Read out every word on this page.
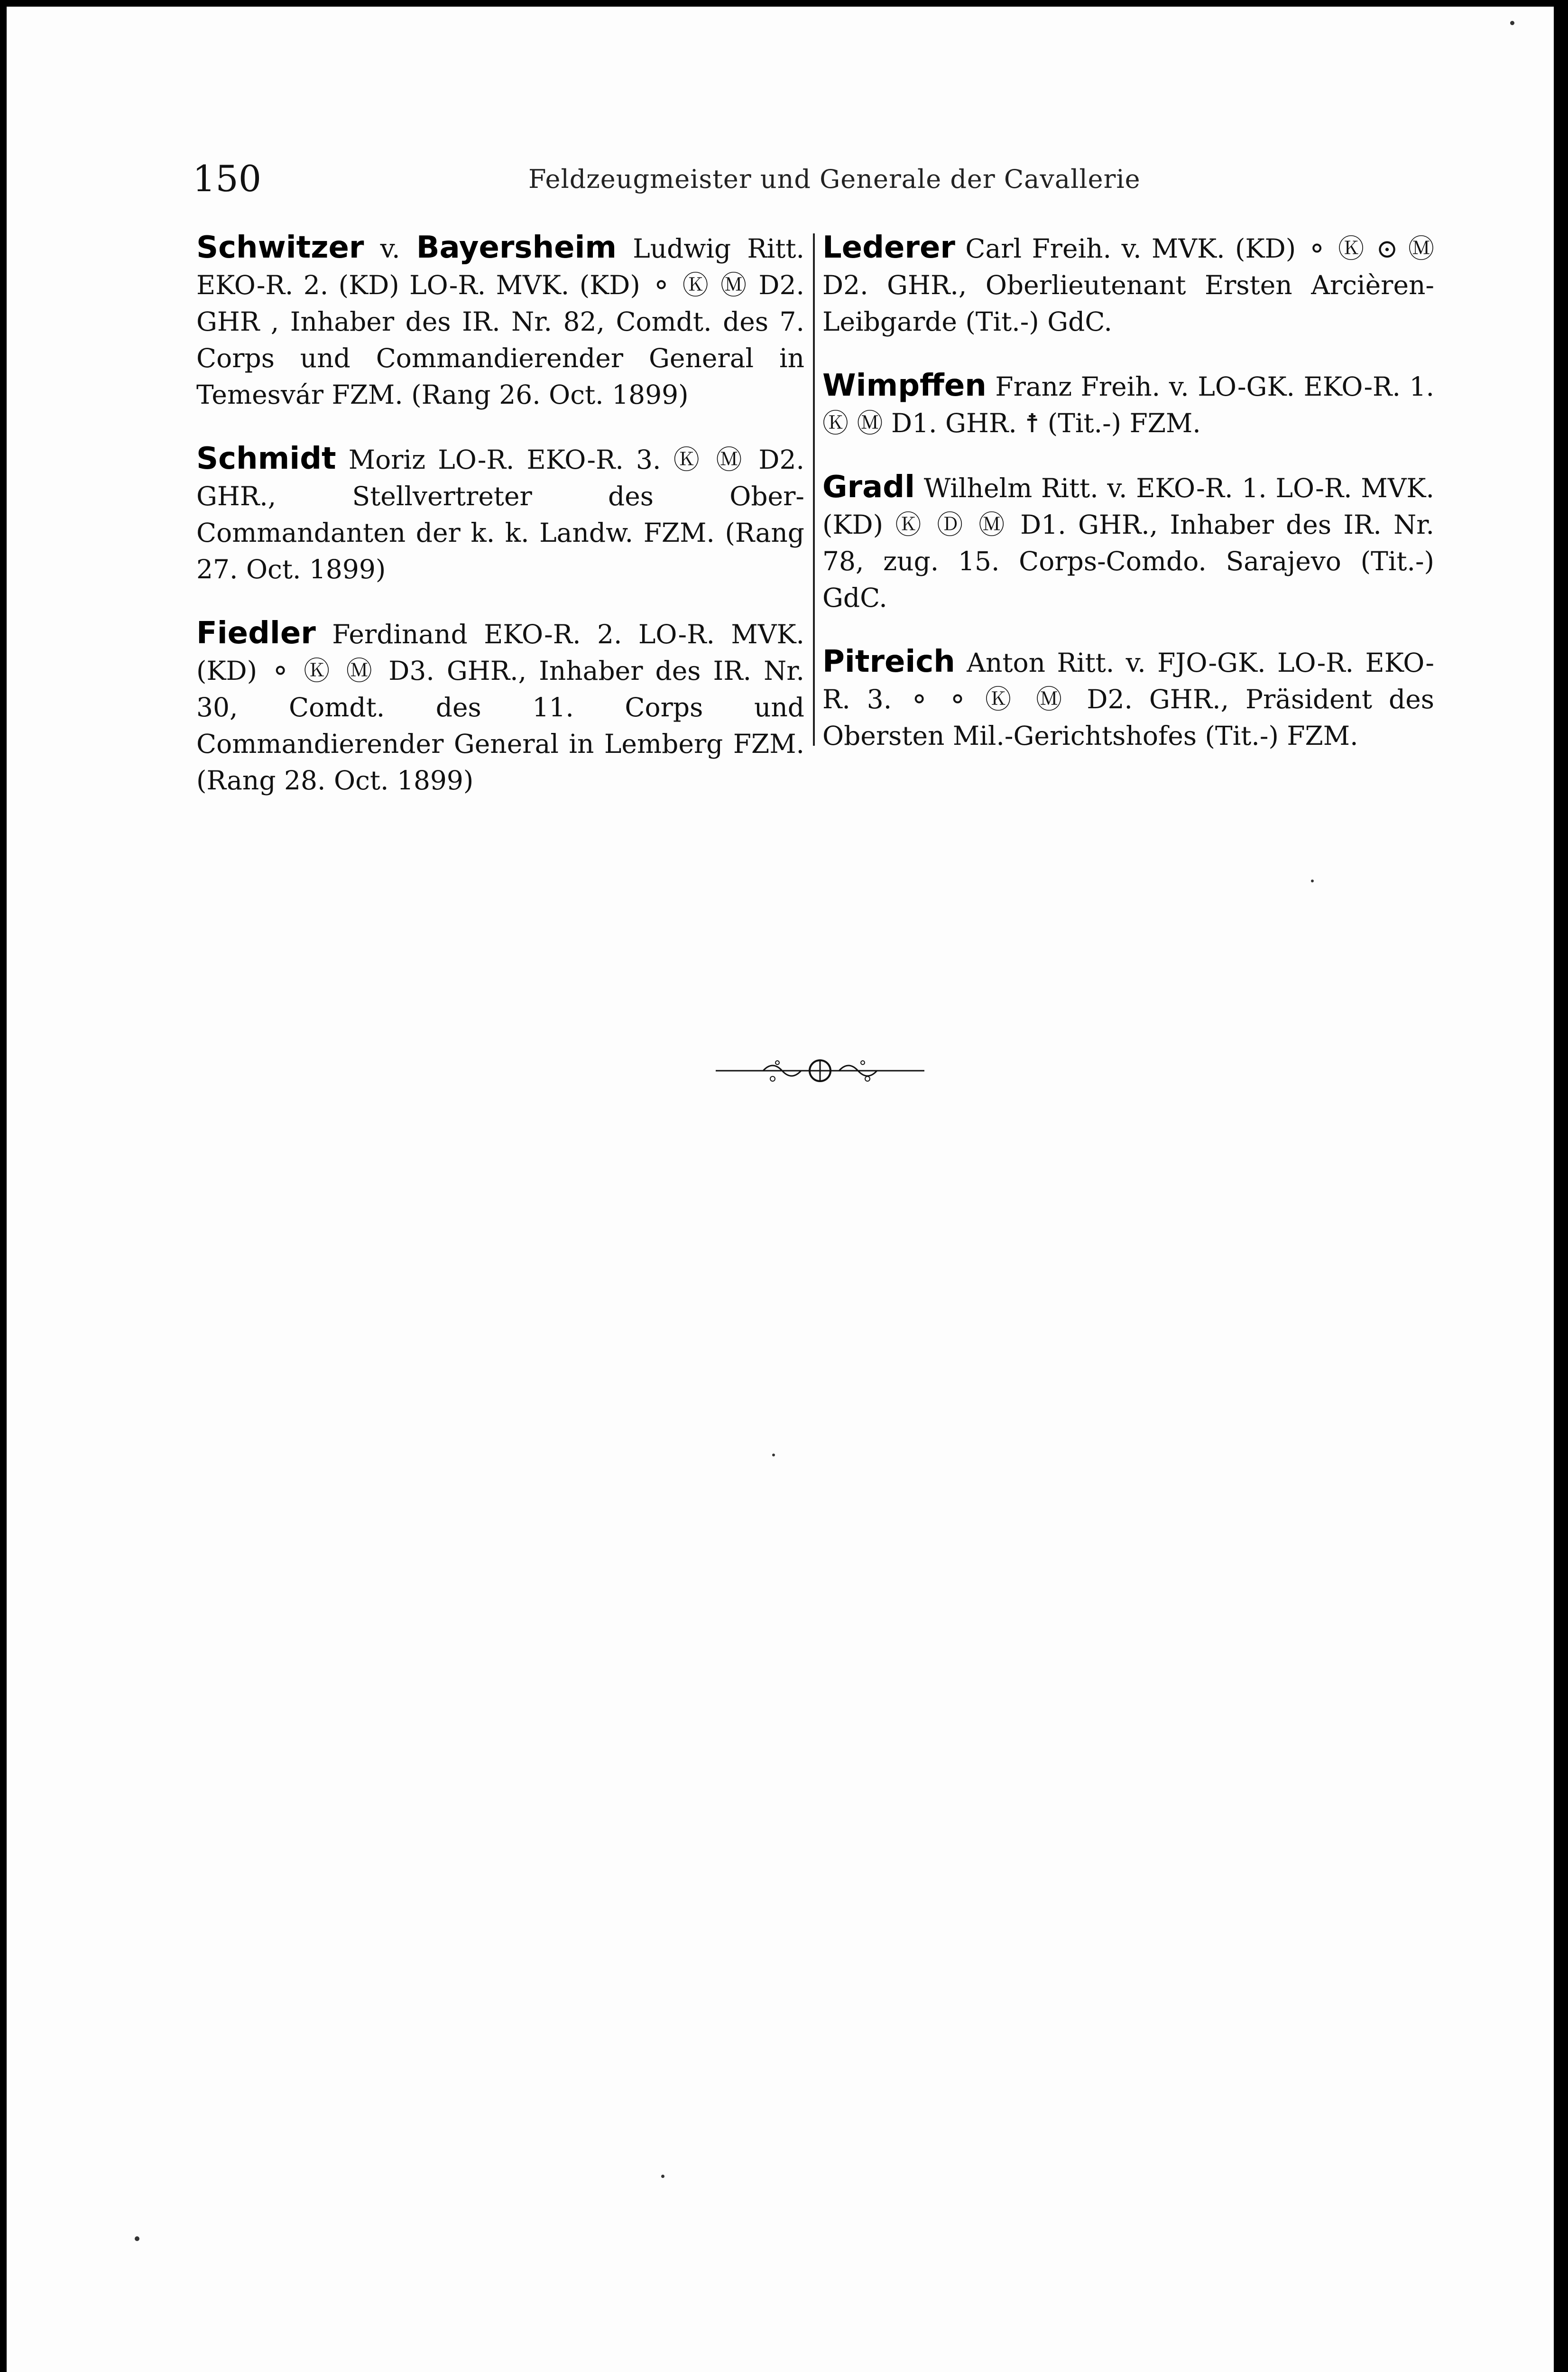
150	Feldzeugmeister und Generale der Cavallerie

Schwitzer v. Bayersheim Ludwig Ritt. EKO-R. 2. (KD) LO-R. MVK. (KD) ⚬ Ⓚ Ⓜ D2. GHR , Inhaber des IR. Nr. 82, Comdt. des 7. Corps und Commandierender General in Temesvár FZM. (Rang 26. Oct. 1899)

Schmidt Moriz LO-R. EKO-R. 3. Ⓚ Ⓜ D2. GHR., Stellvertreter des Ober-Commandanten der k. k. Landw. FZM. (Rang 27. Oct. 1899)

Fiedler Ferdinand EKO-R. 2. LO-R. MVK. (KD) ⚬ Ⓚ Ⓜ D3. GHR., Inhaber des IR. Nr. 30, Comdt. des 11. Corps und Commandierender General in Lemberg FZM. (Rang 28. Oct. 1899)

Lederer Carl Freih. v. MVK. (KD) ⚬ Ⓚ ⊙ Ⓜ D2. GHR., Oberlieutenant Ersten Arcièren-Leibgarde (Tit.-) GdC.

Wimpffen Franz Freih. v. LO-GK. EKO-R. 1. Ⓚ Ⓜ D1. GHR. ☨ (Tit.-) FZM.

Gradl Wilhelm Ritt. v. EKO-R. 1. LO-R. MVK. (KD) Ⓚ Ⓓ Ⓜ D1. GHR., Inhaber des IR. Nr. 78, zug. 15. Corps-Comdo. Sarajevo (Tit.-) GdC.

Pitreich Anton Ritt. v. FJO-GK. LO-R. EKO-R. 3. ⚬ ⚬ Ⓚ Ⓜ D2. GHR., Präsident des Obersten Mil.-Gerichtshofes (Tit.-) FZM.
